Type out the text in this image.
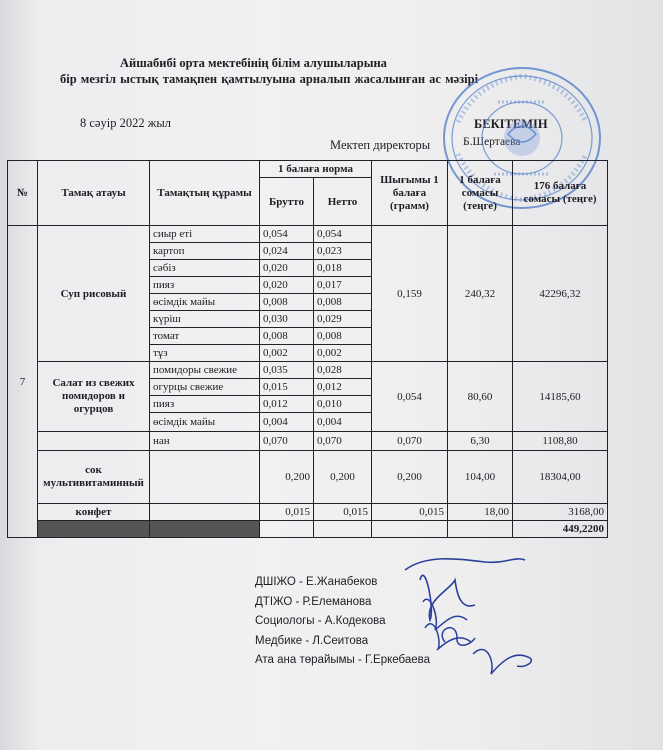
Айшабибі орта мектебінің білім алушыларына
бір мезгіл ыстық тамақпен қамтылуына арналып жасалынған ас мәзірі
8 сәуір 2022 жыл	БЕКІТЕМІН
Мектеп директоры	Б.Шертаева
№	Тамақ атауы	Тамақтың құрамы	1 балаға норма		Шығымы 1 балаға (грамм)	1 балаға сомасы (теңге)	176 балаға сомасы (теңге)	
			Брутто	Нетто				
7	Суп рисовый	сиыр еті	0,054	0,054	0,159	240,32	42296,32	
		картоп	0,024	0,023				
		сәбіз	0,020	0,018				
		пияз	0,020	0,017				
		өсімдік майы	0,008	0,008				
		күріш	0,030	0,029				
		томат	0,008	0,008				
		тұз	0,002	0,002				
	Салат из свежих помидоров и огурцов	помидоры свежие	0,035	0,028	0,054	80,60	14185,60	
		огурцы свежие	0,015	0,012				
		пияз	0,012	0,010				
		өсімдік майы	0,004	0,004				
		нан	0,070	0,070	0,070	6,30	1108,80	
	сок мультивитаминный		0,200	0,200	0,200	104,00	18304,00	
	конфет		0,015	0,015	0,015	18,00	3168,00	
							449,2200	
ДШІЖО - Е.Жанабеков
ДТІЖО - Р.Елеманова
Социологы - А.Кодекова
Медбике - Л.Сеитова
Ата ана төрайымы - Г.Еркебаева
